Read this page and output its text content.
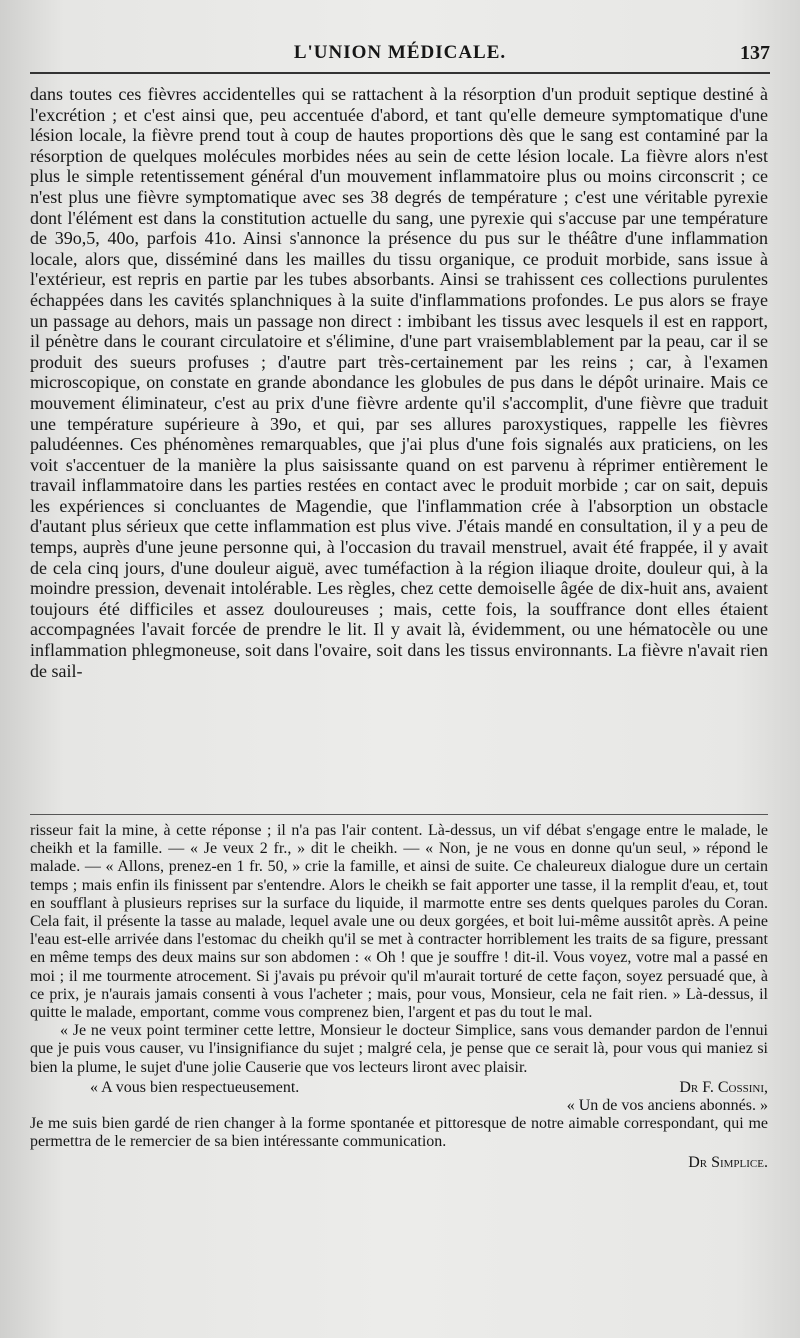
L'UNION MÉDICALE.	137

dans toutes ces fièvres accidentelles qui se rattachent à la résorption d'un produit septique destiné à l'excrétion ; et c'est ainsi que, peu accentuée d'abord, et tant qu'elle demeure symptomatique d'une lésion locale, la fièvre prend tout à coup de hautes proportions dès que le sang est contaminé par la résorption de quelques molécules morbides nées au sein de cette lésion locale. La fièvre alors n'est plus le simple retentissement général d'un mouvement inflammatoire plus ou moins circonscrit ; ce n'est plus une fièvre symptomatique avec ses 38 degrés de température ; c'est une véritable pyrexie dont l'élément est dans la constitution actuelle du sang, une pyrexie qui s'accuse par une température de 39o,5, 40o, parfois 41o. Ainsi s'annonce la présence du pus sur le théâtre d'une inflammation locale, alors que, disséminé dans les mailles du tissu organique, ce produit morbide, sans issue à l'extérieur, est repris en partie par les tubes absorbants. Ainsi se trahissent ces collections purulentes échappées dans les cavités splanchniques à la suite d'inflammations profondes. Le pus alors se fraye un passage au dehors, mais un passage non direct : imbibant les tissus avec lesquels il est en rapport, il pénètre dans le courant circulatoire et s'élimine, d'une part vraisemblablement par la peau, car il se produit des sueurs profuses ; d'autre part très-certainement par les reins ; car, à l'examen microscopique, on constate en grande abondance les globules de pus dans le dépôt urinaire. Mais ce mouvement éliminateur, c'est au prix d'une fièvre ardente qu'il s'accomplit, d'une fièvre que traduit une température supérieure à 39o, et qui, par ses allures paroxystiques, rappelle les fièvres paludéennes. Ces phénomènes remarquables, que j'ai plus d'une fois signalés aux praticiens, on les voit s'accentuer de la manière la plus saisissante quand on est parvenu à réprimer entièrement le travail inflammatoire dans les parties restées en contact avec le produit morbide ; car on sait, depuis les expériences si concluantes de Magendie, que l'inflammation crée à l'absorption un obstacle d'autant plus sérieux que cette inflammation est plus vive. J'étais mandé en consultation, il y a peu de temps, auprès d'une jeune personne qui, à l'occasion du travail menstruel, avait été frappée, il y avait de cela cinq jours, d'une douleur aiguë, avec tuméfaction à la région iliaque droite, douleur qui, à la moindre pression, devenait intolérable. Les règles, chez cette demoiselle âgée de dix-huit ans, avaient toujours été difficiles et assez douloureuses ; mais, cette fois, la souffrance dont elles étaient accompagnées l'avait forcée de prendre le lit. Il y avait là, évidemment, ou une hématocèle ou une inflammation phlegmoneuse, soit dans l'ovaire, soit dans les tissus environnants. La fièvre n'avait rien de sail-

risseur fait la mine, à cette réponse ; il n'a pas l'air content. Là-dessus, un vif débat s'engage entre le malade, le cheikh et la famille. — « Je veux 2 fr., » dit le cheikh. — « Non, je ne vous en donne qu'un seul, » répond le malade. — « Allons, prenez-en 1 fr. 50, » crie la famille, et ainsi de suite. Ce chaleureux dialogue dure un certain temps ; mais enfin ils finissent par s'entendre. Alors le cheikh se fait apporter une tasse, il la remplit d'eau, et, tout en soufflant à plusieurs reprises sur la surface du liquide, il marmotte entre ses dents quelques paroles du Coran. Cela fait, il présente la tasse au malade, lequel avale une ou deux gorgées, et boit lui-même aussitôt après. A peine l'eau est-elle arrivée dans l'estomac du cheikh qu'il se met à contracter horriblement les traits de sa figure, pressant en même temps des deux mains sur son abdomen : « Oh ! que je souffre ! dit-il. Vous voyez, votre mal a passé en moi ; il me tourmente atrocement. Si j'avais pu prévoir qu'il m'aurait torturé de cette façon, soyez persuadé que, à ce prix, je n'aurais jamais consenti à vous l'acheter ; mais, pour vous, Monsieur, cela ne fait rien. » Là-dessus, il quitte le malade, emportant, comme vous comprenez bien, l'argent et pas du tout le mal.

« Je ne veux point terminer cette lettre, Monsieur le docteur Simplice, sans vous demander pardon de l'ennui que je puis vous causer, vu l'insignifiance du sujet ; malgré cela, je pense que ce serait là, pour vous qui maniez si bien la plume, le sujet d'une jolie Causerie que vos lecteurs liront avec plaisir.

« A vous bien respectueusement.	Dr F. Cossini,
« Un de vos anciens abonnés. »

Je me suis bien gardé de rien changer à la forme spontanée et pittoresque de notre aimable correspondant, qui me permettra de le remercier de sa bien intéressante communication.

Dr Simplice.
